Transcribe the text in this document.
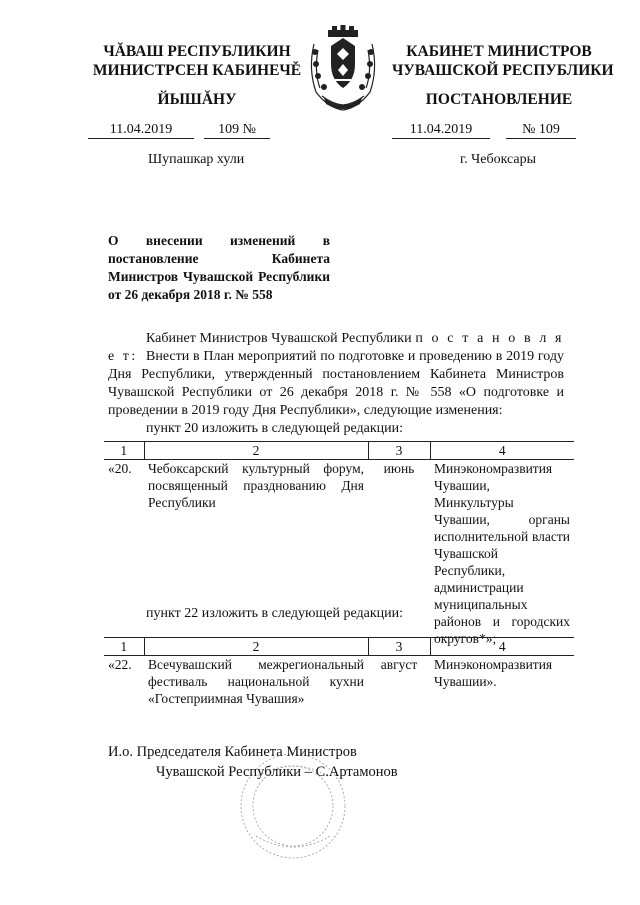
ЧĂВАШ РЕСПУБЛИКИН
МИНИСТРСЕН КАБИНЕЧĚ
ЙЫШĂНУ
КАБИНЕТ МИНИСТРОВ
ЧУВАШСКОЙ РЕСПУБЛИКИ
ПОСТАНОВЛЕНИЕ
11.04.2019	109 №	11.04.2019	№ 109
Шупашкар хули	г. Чебоксары
О внесении изменений в постановление Кабинета Министров Чувашской Республики от 26 декабря 2018 г. № 558
Кабинет Министров Чувашской Республики п о с т а н о в л я е т: Внести в План мероприятий по подготовке и проведению в 2019 году Дня Республики, утвержденный постановлением Кабинета Министров Чувашской Республики от 26 декабря 2018 г. № 558 «О подготовке и проведении в 2019 году Дня Республики», следующие изменения:
пункт 20 изложить в следующей редакции:
1	2	3	4
«20.	Чебоксарский культурный форум, посвященный празднованию Дня Республики	июнь	Минэкономразвития Чувашии, Минкультуры Чувашии, органы исполнительной власти Чувашской Республики, администрации муниципальных районов и городских округов*»;
пункт 22 изложить в следующей редакции:
1	2	3	4
«22.	Всечувашский межрегиональный фестиваль национальной кухни «Гостеприимная Чувашия»	август	Минэкономразвития Чувашии».
И.о. Председателя Кабинета Министров
Чувашской Республики – С.Артамонов
